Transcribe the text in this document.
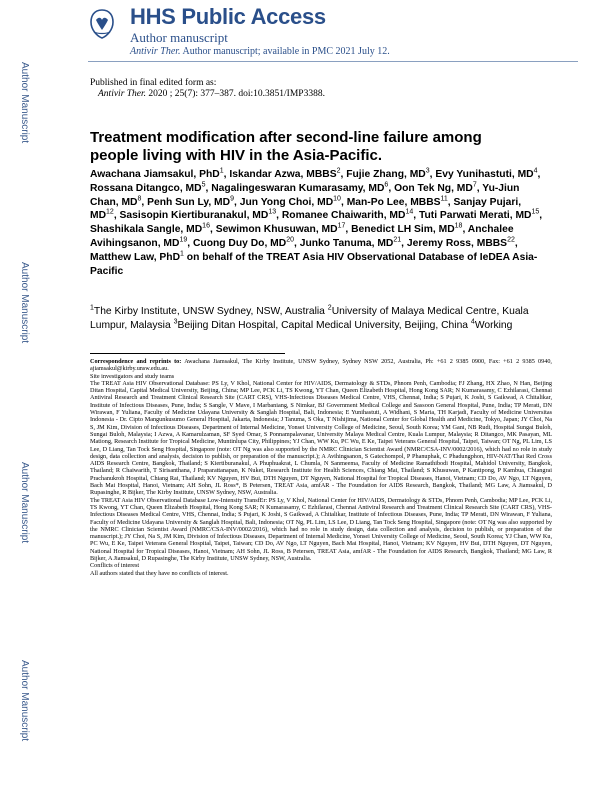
Author Manuscript
Author Manuscript
Author Manuscript
Author Manuscript
HHS Public Access
Author manuscript
Antivir Ther. Author manuscript; available in PMC 2021 July 12.
Published in final edited form as:
Antivir Ther. 2020 ; 25(7): 377–387. doi:10.3851/IMP3388.
Treatment modification after second-line failure among people living with HIV in the Asia-Pacific.
Awachana Jiamsakul, PhD$^1$, Iskandar Azwa, MBBS$^2$, Fujie Zhang, $MD^3$, Evy Yunihastuti, $MD^4$, Rossana Ditangco, $MD^5$, Nagalingeswaran Kumarasamy, $MD^6$, Oon Tek Ng, $MD^7$, Yu-Jiun Chan, $MD^8$, Penh Sun Ly, $MD^9$, Jun Yong Choi, MD$^{10}$, Man-Po Lee, MBBS$^{11}$, Sanjay Pujari, MD$^{12}$, Sasisopin Kiertiburanakul, MD$^{13}$, Romanee Chaiwarith, MD$^{14}$, Tuti Parwati Merati, MD$^{15}$, Shashikala Sangle, MD$^{16}$, Sewimon Khusuwan, MD$^{17}$, Benedict LH Sim, MD$^{18}$, Anchalee Avihingsanon, MD$^{19}$, Cuong Duy Do, MD$^{20}$, Junko Tanuma, MD$^{21}$, Jeremy Ross, MBBS$^{22}$, Matthew Law, PhD$^1$ on behalf of the TREAT Asia HIV Observational Database of IeDEA Asia-Pacific
$^1$The Kirby Institute, UNSW Sydney, NSW, Australia $^2$University of Malaya Medical Centre, Kuala Lumpur, Malaysia $^3$Beijing Ditan Hospital, Capital Medical University, Beijing, China $^4$Working

Correspondence and reprints to: Awachana Jiamsakul, The Kirby Institute, UNSW Sydney, Sydney NSW 2052, Australia, Ph: +61 2 9385 0900, Fax: +61 2 9385 0940, ajiamsakul@kirby.unsw.edu.au.

Site investigators and study teams

The TREAT Asia HIV Observational Database: PS Ly, V Khol, National Center for HIV/AIDS, Dermatology & STDs, Phnom Penh, Cambodia; FJ Zhang, HX Zhao, N Han, Beijing Ditan Hospital, Capital Medical University, Beijing, China; MP Lee, PCK Li, TS Kwong, YT Chan, Queen Elizabeth Hospital, Hong Kong SAR; N Kumarasamy, C Ezhilarasi, Chennai Antiviral Research and Treatment Clinical Research Site (CART CRS), VHS-Infectious Diseases Medical Centre, VHS, Chennai, India; S Pujari, K Joshi, S Gaikwad, A Chitalikar, Institute of Infectious Diseases, Pune, India; S Sangle, V Mave, I Marbaniang, S Nimkar, BJ Government Medical College and Sassoon General Hospital, Pune, India; TP Merati, DN Wirawan, F Yuliana, Faculty of Medicine Udayana University & Sanglah Hospital, Bali, Indonesia; E Yunihastuti, A Widhani, S Maria, TH Karjadi, Faculty of Medicine Universitas Indonesia - Dr. Cipto Mangunkusumo General Hospital, Jakarta, Indonesia; J Tanuma, S Oka, T Nishijima, National Center for Global Health and Medicine, Tokyo, Japan; JY Choi, Na S, JM Kim, Division of Infectious Diseases, Department of Internal Medicine, Yonsei University College of Medicine, Seoul, South Korea; YM Gani, NB Rudi, Hospital Sungai Buloh, Sungai Buloh, Malaysia; I Azwa, A Kamarulzaman, SF Syed Omar, S Ponnampalavanar, University Malaya Medical Centre, Kuala Lumpur, Malaysia; R Ditangco, MK Pasayan, ML Mationg, Research Institute for Tropical Medicine, Muntinlupa City, Philippines; YJ Chan, WW Ku, PC Wu, E Ke, Taipei Veterans General Hospital, Taipei, Taiwan; OT Ng, PL Lim, LS Lee, D Liang, Tan Tock Seng Hospital, Singapore (note: OT Ng was also supported by the NMRC Clinician Scientist Award (NMRC/CSA-INV/0002/2016), which had no role in study design, data collection and analysis, decision to publish, or preparation of the manuscript.); A Avihingsanon, S Gatechompol, P Phanuphak, C Phadungphon, HIV-NAT/Thai Red Cross AIDS Research Centre, Bangkok, Thailand; S Kiertiburanakul, A Phuphuakrat, L Chumla, N Sanmeema, Faculty of Medicine Ramathibodi Hospital, Mahidol University, Bangkok, Thailand; R Chaiwarith, T Sirisanthana, J Praparattanapan, K Nuket, Research Institute for Health Sciences, Chiang Mai, Thailand; S Khusuwan, P Kantipong, P Kambua, Chiangrai Prachanukroh Hospital, Chiang Rai, Thailand; KV Nguyen, HV Bui, DTH Nguyen, DT Nguyen, National Hospital for Tropical Diseases, Hanoi, Vietnam; CD Do, AV Ngo, LT Nguyen, Bach Mai Hospital, Hanoi, Vietnam; AH Sohn, JL Ross*, B Petersen, TREAT Asia, amfAR - The Foundation for AIDS Research, Bangkok, Thailand; MG Law, A Jiamsakul, D Rupasinghe, R Bijker, The Kirby Institute, UNSW Sydney, NSW, Australia.

The TREAT Asia HIV Observational Database Low-Intensity TransfEr: PS Ly, V Khol, National Center for HIV/AIDS, Dermatology & STDs, Phnom Penh, Cambodia; MP Lee, PCK Li, TS Kwong, YT Chan, Queen Elizabeth Hospital, Hong Kong SAR; N Kumarasamy, C Ezhilarasi, Chennai Antiviral Research and Treatment Clinical Research Site (CART CRS), VHS-Infectious Diseases Medical Centre, VHS, Chennai, India; S Pujari, K Joshi, S Gaikwad, A Chitalikar, Institute of Infectious Diseases, Pune, India; TP Merati, DN Wirawan, F Yuliana, Faculty of Medicine Udayana University & Sanglah Hospital, Bali, Indonesia; OT Ng, PL Lim, LS Lee, D Liang, Tan Tock Seng Hospital, Singapore (note: OT Ng was also supported by the NMRC Clinician Scientist Award (NMRC/CSA-INV/0002/2016), which had no role in study design, data collection and analysis, decision to publish, or preparation of the manuscript.); JY Choi, Na S, JM Kim, Division of Infectious Diseases, Department of Internal Medicine, Yonsei University College of Medicine, Seoul, South Korea; YJ Chan, WW Ku, PC Wu, E Ke, Taipei Veterans General Hospital, Taipei, Taiwan; CD Do, AV Ngo, LT Nguyen, Bach Mai Hospital, Hanoi, Vietnam; KV Nguyen, HV Bui, DTH Nguyen, DT Nguyen, National Hospital for Tropical Diseases, Hanoi, Vietnam; AH Sohn, JL Ross, B Petersen, TREAT Asia, amfAR - The Foundation for AIDS Research, Bangkok, Thailand; MG Law, R Bijker, A Jiamsakul, D Rupasinghe, The Kirby Institute, UNSW Sydney, NSW, Australia.

Conflicts of interest

All authors stated that they have no conflicts of interest.
